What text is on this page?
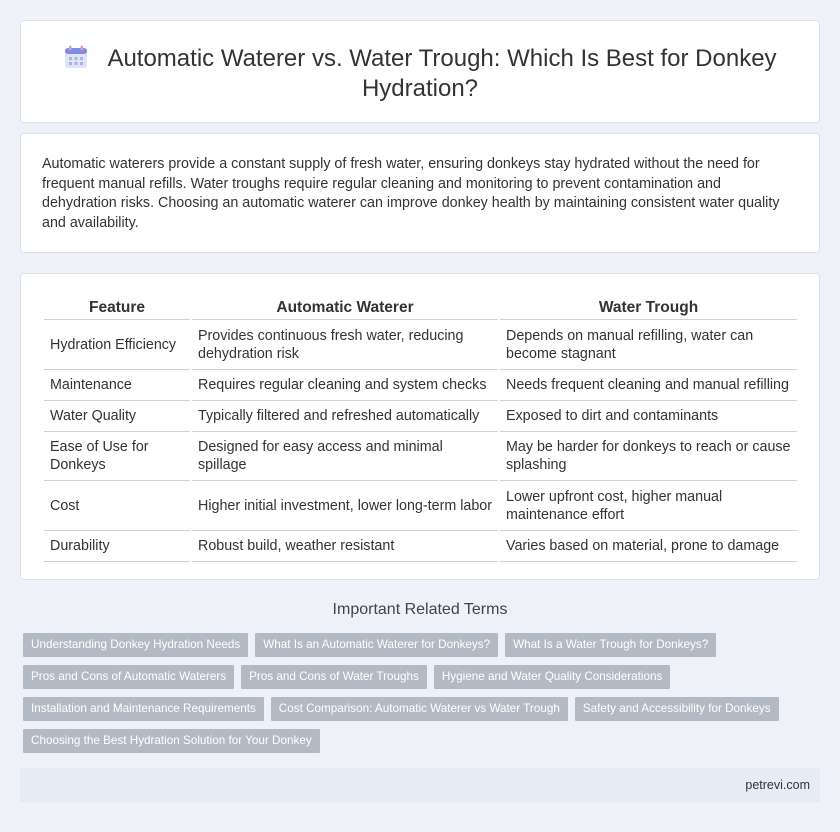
Automatic Waterer vs. Water Trough: Which Is Best for Donkey Hydration?

Automatic waterers provide a constant supply of fresh water, ensuring donkeys stay hydrated without the need for frequent manual refills. Water troughs require regular cleaning and monitoring to prevent contamination and dehydration risks. Choosing an automatic waterer can improve donkey health by maintaining consistent water quality and availability.

Feature	Automatic Waterer	Water Trough
Hydration Efficiency	Provides continuous fresh water, reducing dehydration risk	Depends on manual refilling, water can become stagnant
Maintenance	Requires regular cleaning and system checks	Needs frequent cleaning and manual refilling
Water Quality	Typically filtered and refreshed automatically	Exposed to dirt and contaminants
Ease of Use for Donkeys	Designed for easy access and minimal spillage	May be harder for donkeys to reach or cause splashing
Cost	Higher initial investment, lower long-term labor	Lower upfront cost, higher manual maintenance effort
Durability	Robust build, weather resistant	Varies based on material, prone to damage
Important Related Terms
Understanding Donkey Hydration Needs What Is an Automatic Waterer for Donkeys? What Is a Water Trough for Donkeys?
Pros and Cons of Automatic Waterers Pros and Cons of Water Troughs Hygiene and Water Quality Considerations
Installation and Maintenance Requirements Cost Comparison: Automatic Waterer vs Water Trough Safety and Accessibility for Donkeys
Choosing the Best Hydration Solution for Your Donkey
petrevi.com
